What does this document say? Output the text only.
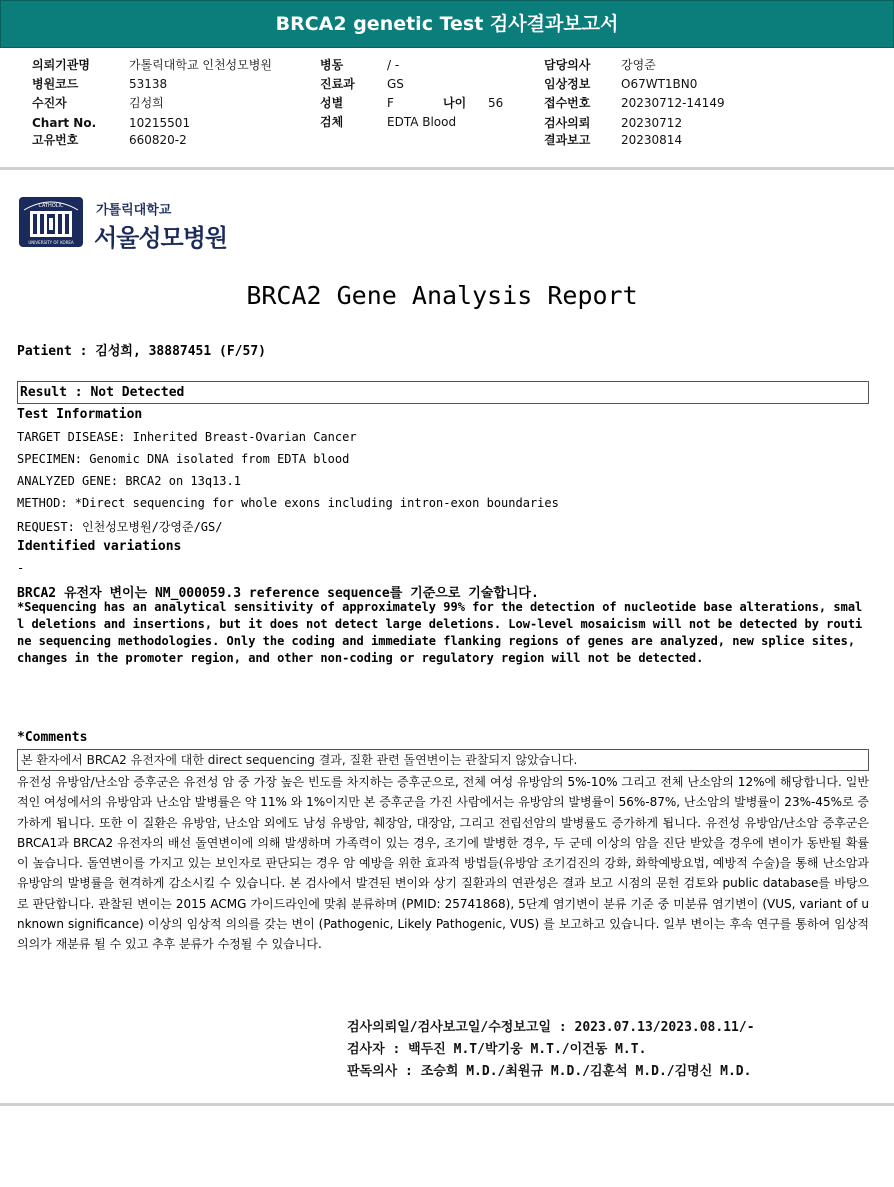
BRCA2 genetic Test 검사결과보고서
의뢰기관명	가톨릭대학교 인천성모병원
병원코드	53138
수진자	김성희
Chart No.	10215501
고유번호	660820-2
병동	/ -
진료과	GS
성별	F	나이 56
검체	EDTA Blood
담당의사	강영준
임상정보	O67WT1BN0
접수번호	20230712-14149
검사의뢰	20230712
결과보고	20230814
CATHOLIC
UNIVERSITY OF KOREA
가톨릭대학교
서울성모병원
BRCA2 Gene Analysis Report
Patient : 김성희, 38887451 (F/57)
Result : Not Detected
Test Information
TARGET DISEASE: Inherited Breast-Ovarian Cancer
SPECIMEN: Genomic DNA isolated from EDTA blood
ANALYZED GENE: BRCA2 on 13q13.1
METHOD: *Direct sequencing for whole exons including intron-exon boundaries
REQUEST: 인천성모병원/강영준/GS/
Identified variations
-
BRCA2 유전자 변이는 NM_000059.3 reference sequence를 기준으로 기술합니다.
*Sequencing has an analytical sensitivity of approximately 99% for the detection of nucleotide base alterations, small deletions and insertions, but it does not detect large deletions. Low-level mosaicism will not be detected by routine sequencing methodologies. Only the coding and immediate flanking regions of genes are analyzed, new splice sites, changes in the promoter region, and other non-coding or regulatory region will not be detected.
*Comments
본 환자에서 BRCA2 유전자에 대한 direct sequencing 결과, 질환 관련 돌연변이는 관찰되지 않았습니다.
유전성 유방암/난소암 증후군은 유전성 암 중 가장 높은 빈도를 차지하는 증후군으로, 전체 여성 유방암의 5%-10% 그리고 전체 난소암의 12%에 해당합니다. 일반적인 여성에서의 유방암과 난소암 발병률은 약 11% 와 1%이지만 본 증후군을 가진 사람에서는 유방암의 발병률이 56%-87%, 난소암의 발병률이 23%-45%로 증가하게 됩니다. 또한 이 질환은 유방암, 난소암 외에도 남성 유방암, 췌장암, 대장암, 그리고 전립선암의 발병률도 증가하게 됩니다. 유전성 유방암/난소암 증후군은 BRCA1과 BRCA2 유전자의 배선 돌연변이에 의해 발생하며 가족력이 있는 경우, 조기에 발병한 경우, 두 군데 이상의 암을 진단 받았을 경우에 변이가 동반될 확률이 높습니다. 돌연변이를 가지고 있는 보인자로 판단되는 경우 암 예방을 위한 효과적 방법들(유방암 조기검진의 강화, 화학예방요법, 예방적 수술)을 통해 난소암과 유방암의 발병률을 현격하게 감소시킬 수 있습니다. 본 검사에서 발견된 변이와 상기 질환과의 연관성은 결과 보고 시점의 문헌 검토와 public database를 바탕으로 판단합니다. 관찰된 변이는 2015 ACMG 가이드라인에 맞춰 분류하며 (PMID: 25741868), 5단계 염기변이 분류 기준 중 미분류 염기변이 (VUS, variant of unknown significance) 이상의 임상적 의의를 갖는 변이 (Pathogenic, Likely Pathogenic, VUS) 를 보고하고 있습니다. 일부 변이는 후속 연구를 통하여 임상적 의의가 재분류 될 수 있고 추후 분류가 수정될 수 있습니다.
검사의뢰일/검사보고일/수정보고일 : 2023.07.13/2023.08.11/-
검사자 : 백두진 M.T/박기웅 M.T./이건동 M.T.
판독의사 : 조승희 M.D./최원규 M.D./김훈석 M.D./김명신 M.D.
